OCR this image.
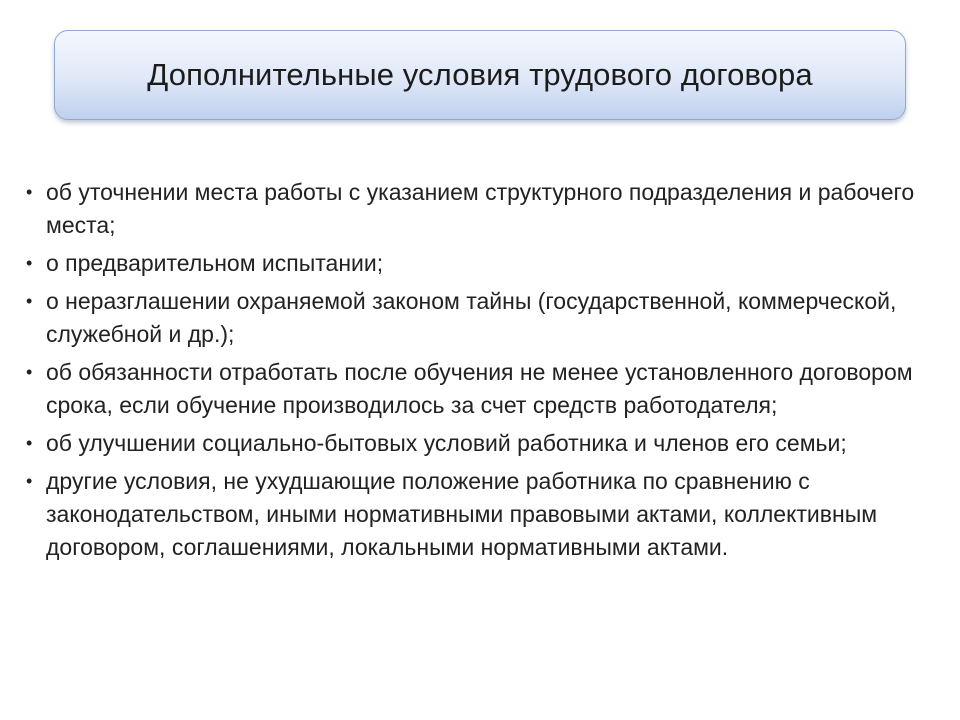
Дополнительные условия трудового договора
• об уточнении места работы с указанием структурного подразделения и рабочего места;
• о предварительном испытании;
• о неразглашении охраняемой законом тайны (государственной, коммерческой, служебной и др.);
• об обязанности отработать после обучения не менее установленного договором срока, если обучение производилось за счет средств работодателя;
• об улучшении социально-бытовых условий работника и членов его семьи;
• другие условия, не ухудшающие положение работника по сравнению с законодательством, иными нормативными правовыми актами, коллективным договором, соглашениями, локальными нормативными актами.
